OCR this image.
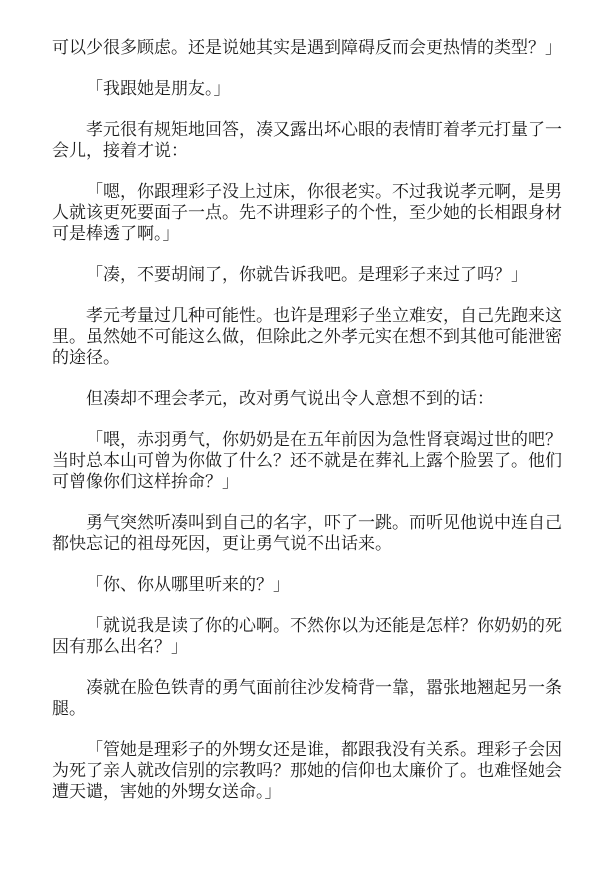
可以少很多顾虑。还是说她其实是遇到障碍反而会更热情的类型？」

「我跟她是朋友。」

孝元很有规矩地回答，凑又露出坏心眼的表情盯着孝元打量了一会儿，接着才说：

「嗯，你跟理彩子没上过床，你很老实。不过我说孝元啊，是男人就该更死要面子一点。先不讲理彩子的个性，至少她的长相跟身材可是棒透了啊。」

「凑，不要胡闹了，你就告诉我吧。是理彩子来过了吗？」

孝元考量过几种可能性。也许是理彩子坐立难安，自己先跑来这里。虽然她不可能这么做，但除此之外孝元实在想不到其他可能泄密的途径。

但凑却不理会孝元，改对勇气说出令人意想不到的话：

「喂，赤羽勇气，你奶奶是在五年前因为急性肾衰竭过世的吧？当时总本山可曾为你做了什么？还不就是在葬礼上露个脸罢了。他们可曾像你们这样拚命？」

勇气突然听凑叫到自己的名字，吓了一跳。而听见他说中连自己都快忘记的祖母死因，更让勇气说不出话来。

「你、你从哪里听来的？」

「就说我是读了你的心啊。不然你以为还能是怎样？你奶奶的死因有那么出名？」

凑就在脸色铁青的勇气面前往沙发椅背一靠，嚣张地翘起另一条腿。

「管她是理彩子的外甥女还是谁，都跟我没有关系。理彩子会因为死了亲人就改信别的宗教吗？那她的信仰也太廉价了。也难怪她会遭天谴，害她的外甥女送命。」
